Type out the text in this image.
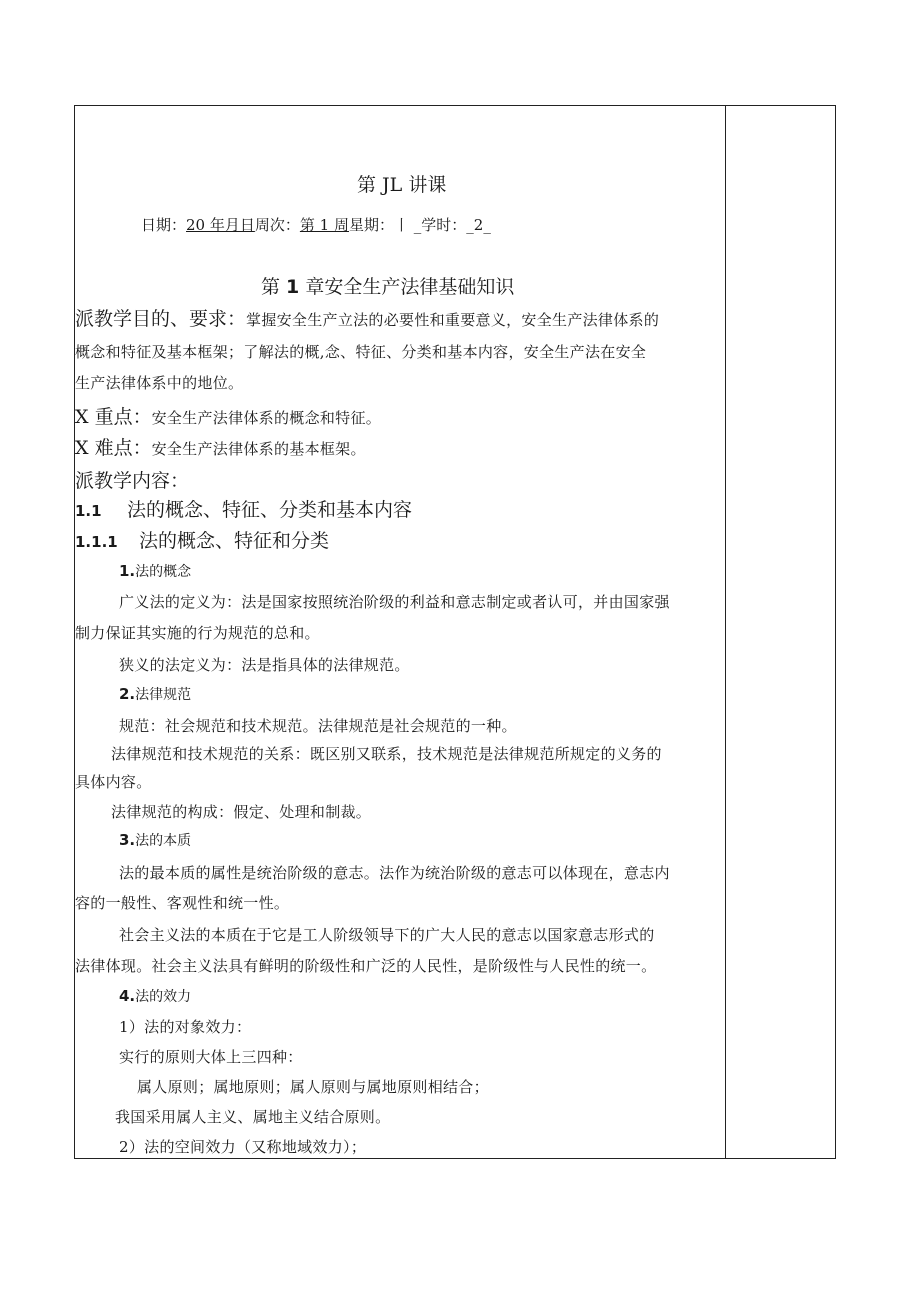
第 JL 讲课
日期：20 年月日周次：第 1 周星期：丨 _学时：_2_
第 1 章安全生产法律基础知识
派教学目的、要求：掌握安全生产立法的必要性和重要意义，安全生产法律体系的
概念和特征及基本框架；了解法的概,念、特征、分类和基本内容，安全生产法在安全
生产法律体系中的地位。
X 重点：安全生产法律体系的概念和特征。
X 难点：安全生产法律体系的基本框架。
派教学内容：
1.1 法的概念、特征、分类和基本内容
1.1.1 法的概念、特征和分类
1.法的概念
广义法的定义为：法是国家按照统治阶级的利益和意志制定或者认可，并由国家强
制力保证其实施的行为规范的总和。
狭义的法定义为：法是指具体的法律规范。
2.法律规范
规范：社会规范和技术规范。法律规范是社会规范的一种。
法律规范和技术规范的关系：既区别又联系，技术规范是法律规范所规定的义务的
具体内容。
法律规范的构成：假定、处理和制裁。
3.法的本质
法的最本质的属性是统治阶级的意志。法作为统治阶级的意志可以体现在，意志内
容的一般性、客观性和统一性。
社会主义法的本质在于它是工人阶级领导下的广大人民的意志以国家意志形式的
法律体现。社会主义法具有鲜明的阶级性和广泛的人民性，是阶级性与人民性的统一。
4.法的效力
1）法的对象效力：
实行的原则大体上三四种：
属人原则；属地原则；属人原则与属地原则相结合；
我国采用属人主义、属地主义结合原则。
2）法的空间效力（又称地域效力）；
